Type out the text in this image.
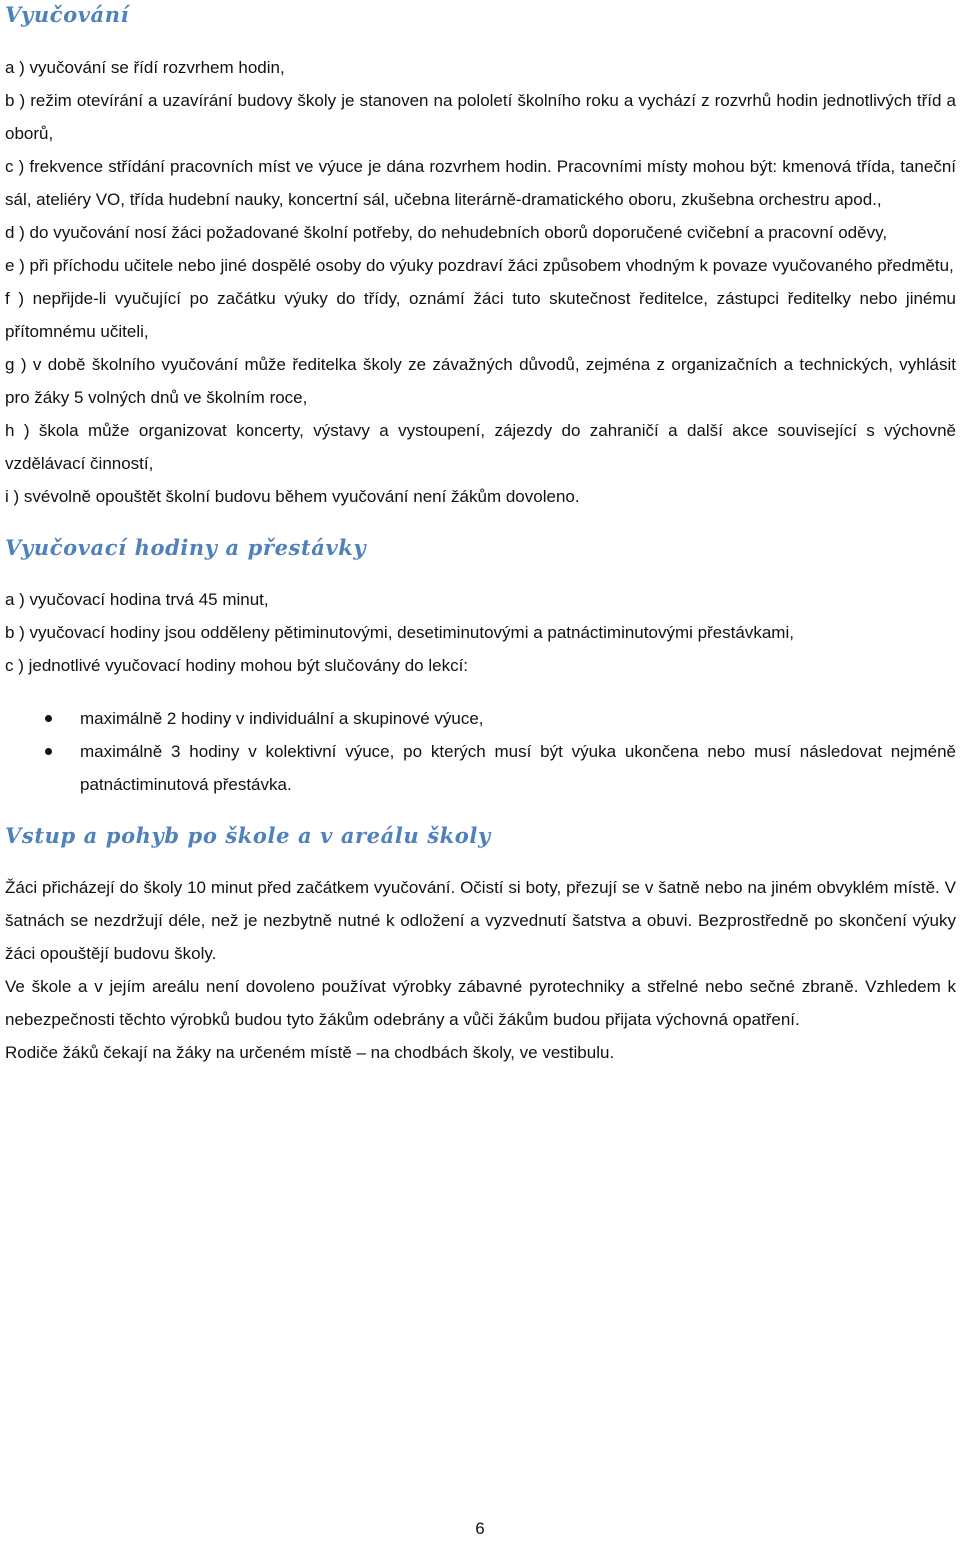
Vyučování

a ) vyučování se řídí rozvrhem hodin,

b ) režim otevírání a uzavírání budovy školy je stanoven na pololetí školního roku a vychází z rozvrhů hodin jednotlivých tříd a oborů,

c ) frekvence střídání pracovních míst ve výuce je dána rozvrhem hodin. Pracovními místy mohou být: kmenová třída, taneční sál, ateliéry VO, třída hudební nauky, koncertní sál, učebna literárně-dramatického oboru, zkušebna orchestru apod.,

d ) do vyučování nosí žáci požadované školní potřeby, do nehudebních oborů doporučené cvičební a pracovní oděvy,

e ) při příchodu učitele nebo jiné dospělé osoby do výuky pozdraví žáci způsobem vhodným k povaze vyučovaného předmětu,

f ) nepřijde-li vyučující po začátku výuky do třídy, oznámí žáci tuto skutečnost ředitelce, zástupci ředitelky nebo jinému přítomnému učiteli,

g ) v době školního vyučování může ředitelka školy ze závažných důvodů, zejména z organizačních a technických, vyhlásit pro žáky 5 volných dnů ve školním roce,

h ) škola může organizovat koncerty, výstavy a vystoupení, zájezdy do zahraničí a další akce související s výchovně vzdělávací činností,

i ) svévolně opouštět školní budovu během vyučování není žákům dovoleno.

Vyučovací hodiny a přestávky

a ) vyučovací hodina trvá 45 minut,

b ) vyučovací hodiny jsou odděleny pětiminutovými, desetiminutovými a patnáctiminutovými přestávkami,

c ) jednotlivé vyučovací hodiny mohou být slučovány do lekcí:

maximálně 2 hodiny v individuální a skupinové výuce,
maximálně 3 hodiny v kolektivní výuce, po kterých musí být výuka ukončena nebo musí následovat nejméně patnáctiminutová přestávka.
Vstup a pohyb po škole a v areálu školy

Žáci přicházejí do školy 10 minut před začátkem vyučování. Očistí si boty, přezují se v šatně nebo na jiném obvyklém místě. V šatnách se nezdržují déle, než je nezbytně nutné k odložení a vyzvednutí šatstva a obuvi. Bezprostředně po skončení výuky žáci opouštějí budovu školy.

Ve škole a v jejím areálu není dovoleno používat výrobky zábavné pyrotechniky a střelné nebo sečné zbraně. Vzhledem k nebezpečnosti těchto výrobků budou tyto žákům odebrány a vůči žákům budou přijata výchovná opatření.

Rodiče žáků čekají na žáky na určeném místě – na chodbách školy, ve vestibulu.

6
